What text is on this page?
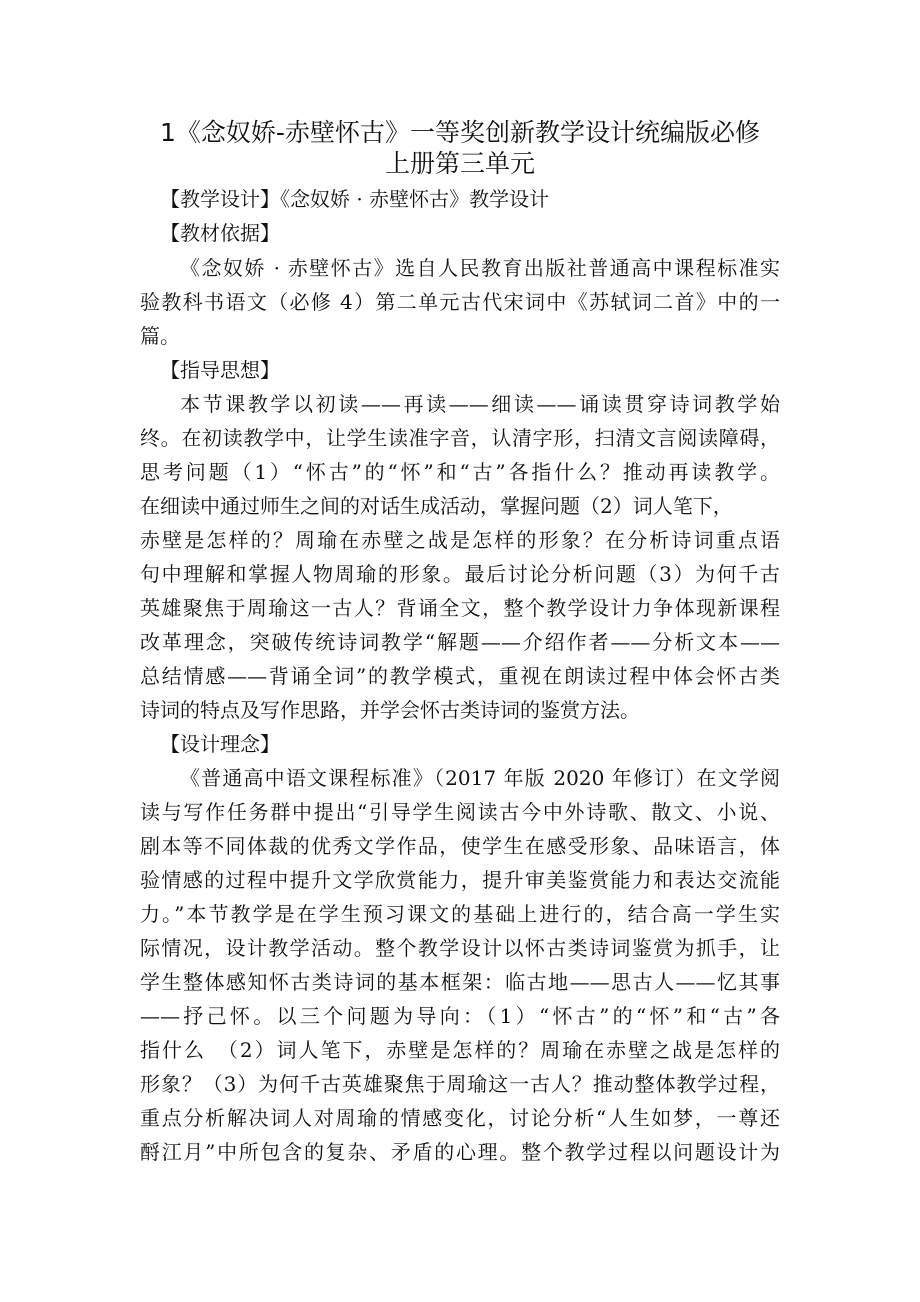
1《念奴娇-赤壁怀古》一等奖创新教学设计统编版必修
上册第三单元
【教学设计】《念奴娇 · 赤壁怀古》教学设计
【教材依据】
《念奴娇 · 赤壁怀古》选自人民教育出版社普通高中课程标准实
验教科书语文（必修 4）第二单元古代宋词中《苏轼词二首》中的一
篇。
【指导思想】
本节课教学以初读——再读——细读——诵读贯穿诗词教学始
终。在初读教学中，让学生读准字音，认清字形，扫清文言阅读障碍，
思考问题（1）“怀古”的“怀”和“古”各指什么？推动再读教学。
在细读中通过师生之间的对话生成活动，掌握问题（2）词人笔下，
赤壁是怎样的？周瑜在赤壁之战是怎样的形象？在分析诗词重点语
句中理解和掌握人物周瑜的形象。最后讨论分析问题（3）为何千古
英雄聚焦于周瑜这一古人？背诵全文，整个教学设计力争体现新课程
改革理念，突破传统诗词教学“解题——介绍作者——分析文本——
总结情感——背诵全词”的教学模式，重视在朗读过程中体会怀古类
诗词的特点及写作思路，并学会怀古类诗词的鉴赏方法。
【设计理念】
《普通高中语文课程标准》（2017 年版 2020 年修订）在文学阅
读与写作任务群中提出“引导学生阅读古今中外诗歌、散文、小说、
剧本等不同体裁的优秀文学作品，使学生在感受形象、品味语言，体
验情感的过程中提升文学欣赏能力，提升审美鉴赏能力和表达交流能
力。”本节教学是在学生预习课文的基础上进行的，结合高一学生实
际情况，设计教学活动。整个教学设计以怀古类诗词鉴赏为抓手，让
学生整体感知怀古类诗词的基本框架：临古地——思古人——忆其事
——抒己怀。以三个问题为导向：（1）“怀古”的“怀”和“古”各
指什么　（2）词人笔下，赤壁是怎样的？周瑜在赤壁之战是怎样的
形象？（3）为何千古英雄聚焦于周瑜这一古人？推动整体教学过程，
重点分析解决词人对周瑜的情感变化，讨论分析“人生如梦，一尊还
酹江月”中所包含的复杂、矛盾的心理。整个教学过程以问题设计为
